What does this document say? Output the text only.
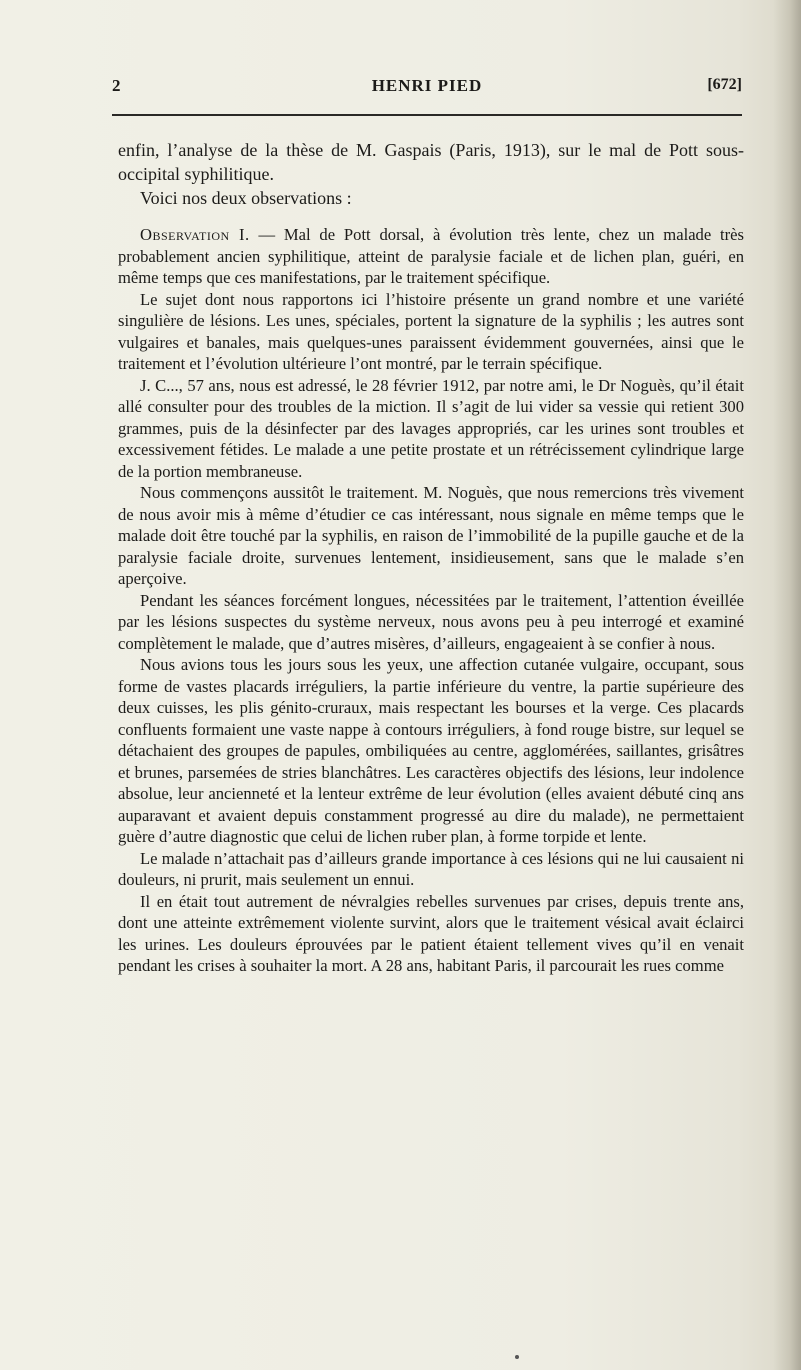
2	HENRI PIED	[672]

enfin, l’analyse de la thèse de M. Gaspais (Paris, 1913), sur le mal de Pott sous-occipital syphilitique.
Voici nos deux observations :

Observation I. — Mal de Pott dorsal, à évolution très lente, chez un malade très probablement ancien syphilitique, atteint de paralysie faciale et de lichen plan, guéri, en même temps que ces manifestations, par le traitement spécifique.

Le sujet dont nous rapportons ici l’histoire présente un grand nombre et une variété singulière de lésions. Les unes, spéciales, portent la signature de la syphilis ; les autres sont vulgaires et banales, mais quelques-unes paraissent évidemment gouvernées, ainsi que le traitement et l’évolution ultérieure l’ont montré, par le terrain spécifique.

J. C..., 57 ans, nous est adressé, le 28 février 1912, par notre ami, le Dr Noguès, qu’il était allé consulter pour des troubles de la miction. Il s’agit de lui vider sa vessie qui retient 300 grammes, puis de la désinfecter par des lavages appropriés, car les urines sont troubles et excessivement fétides. Le malade a une petite prostate et un rétrécissement cylindrique large de la portion membraneuse.

Nous commençons aussitôt le traitement. M. Noguès, que nous remercions très vivement de nous avoir mis à même d’étudier ce cas intéressant, nous signale en même temps que le malade doit être touché par la syphilis, en raison de l’immobilité de la pupille gauche et de la paralysie faciale droite, survenues lentement, insidieusement, sans que le malade s’en aperçoive.

Pendant les séances forcément longues, nécessitées par le traitement, l’attention éveillée par les lésions suspectes du système nerveux, nous avons peu à peu interrogé et examiné complètement le malade, que d’autres misères, d’ailleurs, engageaient à se confier à nous.

Nous avions tous les jours sous les yeux, une affection cutanée vulgaire, occupant, sous forme de vastes placards irréguliers, la partie inférieure du ventre, la partie supérieure des deux cuisses, les plis génito-cruraux, mais respectant les bourses et la verge. Ces placards confluents formaient une vaste nappe à contours irréguliers, à fond rouge bistre, sur lequel se détachaient des groupes de papules, ombiliquées au centre, agglomérées, saillantes, grisâtres et brunes, parsemées de stries blanchâtres. Les caractères objectifs des lésions, leur indolence absolue, leur ancienneté et la lenteur extrême de leur évolution (elles avaient débuté cinq ans auparavant et avaient depuis constamment progressé au dire du malade), ne permettaient guère d’autre diagnostic que celui de lichen ruber plan, à forme torpide et lente.

Le malade n’attachait pas d’ailleurs grande importance à ces lésions qui ne lui causaient ni douleurs, ni prurit, mais seulement un ennui.

Il en était tout autrement de névralgies rebelles survenues par crises, depuis trente ans, dont une atteinte extrêmement violente survint, alors que le traitement vésical avait éclairci les urines. Les douleurs éprouvées par le patient étaient tellement vives qu’il en venait pendant les crises à souhaiter la mort. A 28 ans, habitant Paris, il parcourait les rues comme
